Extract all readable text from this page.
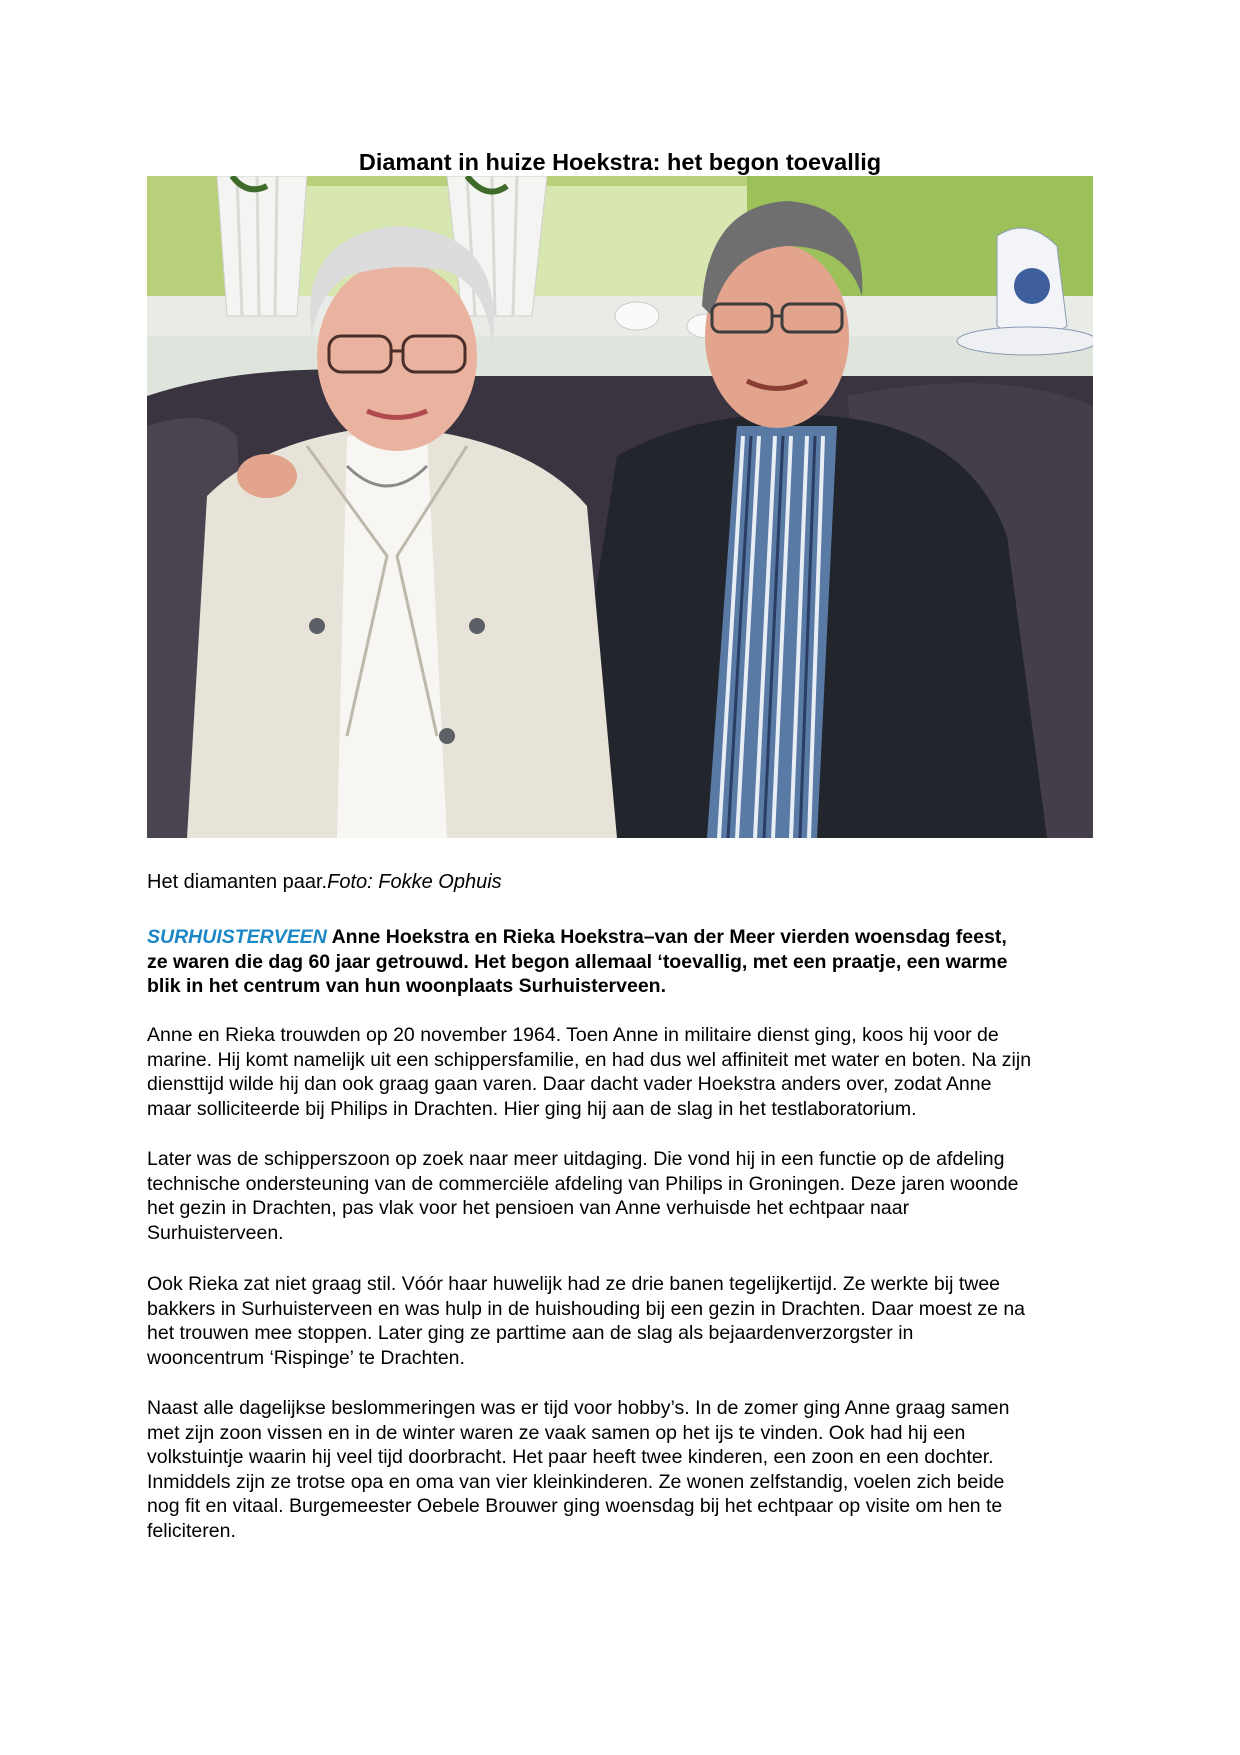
Diamant in huize Hoekstra: het begon toevallig
Het diamanten paar.Foto: Fokke Ophuis
SURHUISTERVEEN Anne Hoekstra en Rieka Hoekstra–van der Meer vierden woensdag feest,
ze waren die dag 60 jaar getrouwd. Het begon allemaal ‘toevallig, met een praatje, een warme
blik in het centrum van hun woonplaats Surhuisterveen.
Anne en Rieka trouwden op 20 november 1964. Toen Anne in militaire dienst ging, koos hij voor de
marine. Hij komt namelijk uit een schippersfamilie, en had dus wel affiniteit met water en boten. Na zijn
diensttijd wilde hij dan ook graag gaan varen. Daar dacht vader Hoekstra anders over, zodat Anne
maar solliciteerde bij Philips in Drachten. Hier ging hij aan de slag in het testlaboratorium.
Later was de schipperszoon op zoek naar meer uitdaging. Die vond hij in een functie op de afdeling
technische ondersteuning van de commerciële afdeling van Philips in Groningen. Deze jaren woonde
het gezin in Drachten, pas vlak voor het pensioen van Anne verhuisde het echtpaar naar
Surhuisterveen.
Ook Rieka zat niet graag stil. Vóór haar huwelijk had ze drie banen tegelijkertijd. Ze werkte bij twee
bakkers in Surhuisterveen en was hulp in de huishouding bij een gezin in Drachten. Daar moest ze na
het trouwen mee stoppen. Later ging ze parttime aan de slag als bejaardenverzorgster in
wooncentrum ‘Rispinge’ te Drachten.
Naast alle dagelijkse beslommeringen was er tijd voor hobby’s. In de zomer ging Anne graag samen
met zijn zoon vissen en in de winter waren ze vaak samen op het ijs te vinden. Ook had hij een
volkstuintje waarin hij veel tijd doorbracht. Het paar heeft twee kinderen, een zoon en een dochter.
Inmiddels zijn ze trotse opa en oma van vier kleinkinderen. Ze wonen zelfstandig, voelen zich beide
nog fit en vitaal. Burgemeester Oebele Brouwer ging woensdag bij het echtpaar op visite om hen te
feliciteren.
